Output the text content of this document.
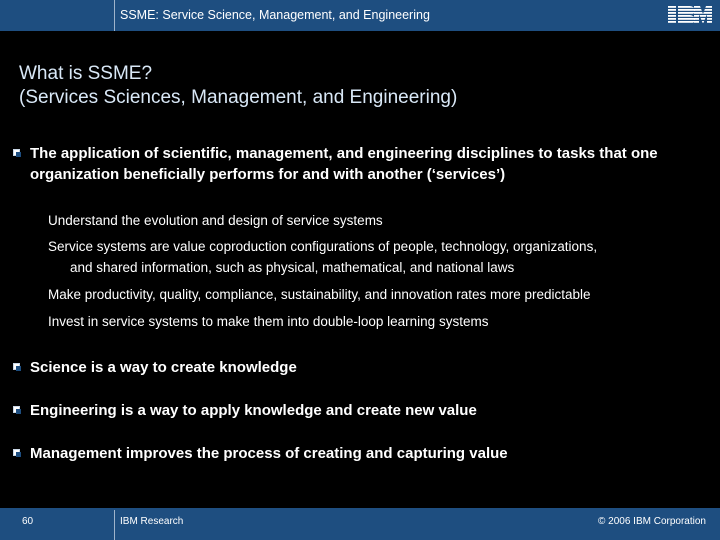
SSME: Service Science, Management, and Engineering
What is SSME?
(Services Sciences, Management, and Engineering)
The application of scientific, management, and engineering disciplines to tasks that one organization beneficially performs for and with another (‘services’)
Understand the evolution and design of service systems
Service systems are value coproduction configurations of people, technology, organizations,
and shared information, such as physical, mathematical, and national laws
Make productivity, quality, compliance, sustainability, and innovation rates more predictable
Invest in service systems to make them into double-loop learning systems
Science is a way to create knowledge
Engineering is a way to apply knowledge and create new value
Management improves the process of creating and capturing value
60	IBM Research	© 2006 IBM Corporation
